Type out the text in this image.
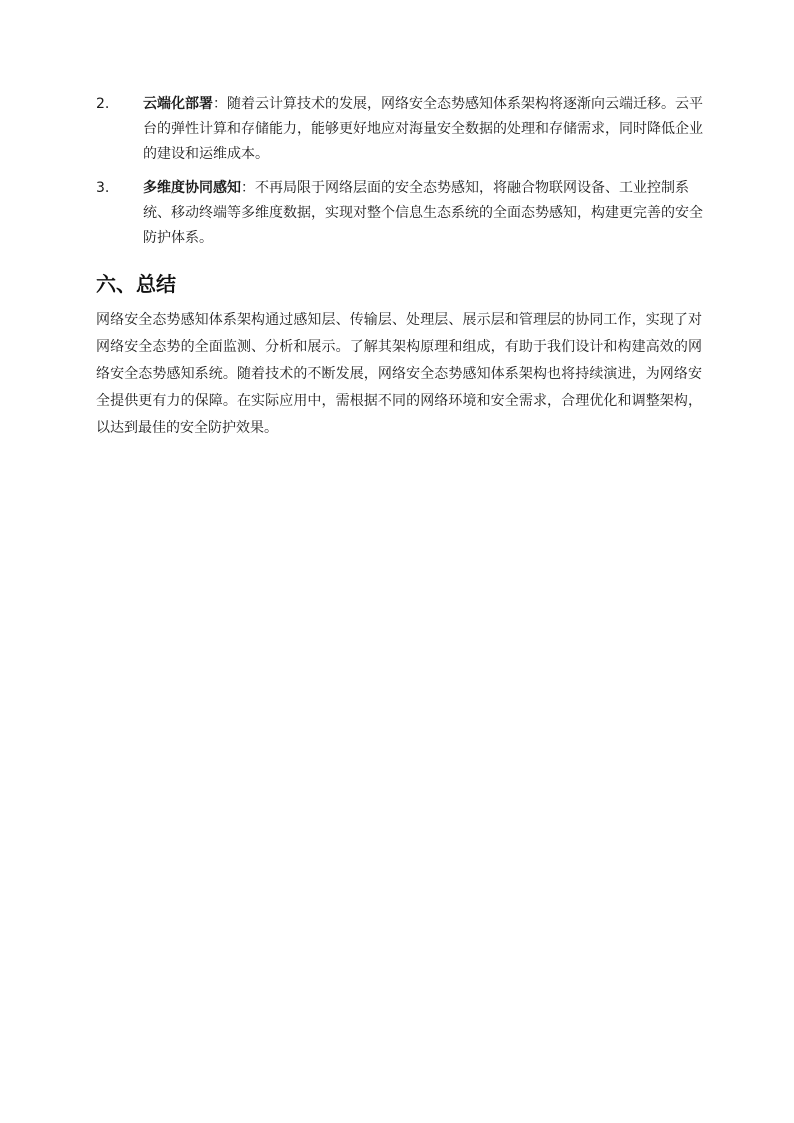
2.	云端化部署：随着云计算技术的发展，网络安全态势感知体系架构将逐渐向云端迁移。云平台的弹性计算和存储能力，能够更好地应对海量安全数据的处理和存储需求，同时降低企业的建设和运维成本。
3.	多维度协同感知：不再局限于网络层面的安全态势感知，将融合物联网设备、工业控制系统、移动终端等多维度数据，实现对整个信息生态系统的全面态势感知，构建更完善的安全防护体系。
六、总结

网络安全态势感知体系架构通过感知层、传输层、处理层、展示层和管理层的协同工作，实现了对网络安全态势的全面监测、分析和展示。了解其架构原理和组成，有助于我们设计和构建高效的网络安全态势感知系统。随着技术的不断发展，网络安全态势感知体系架构也将持续演进，为网络安全提供更有力的保障。在实际应用中，需根据不同的网络环境和安全需求，合理优化和调整架构，以达到最佳的安全防护效果。
